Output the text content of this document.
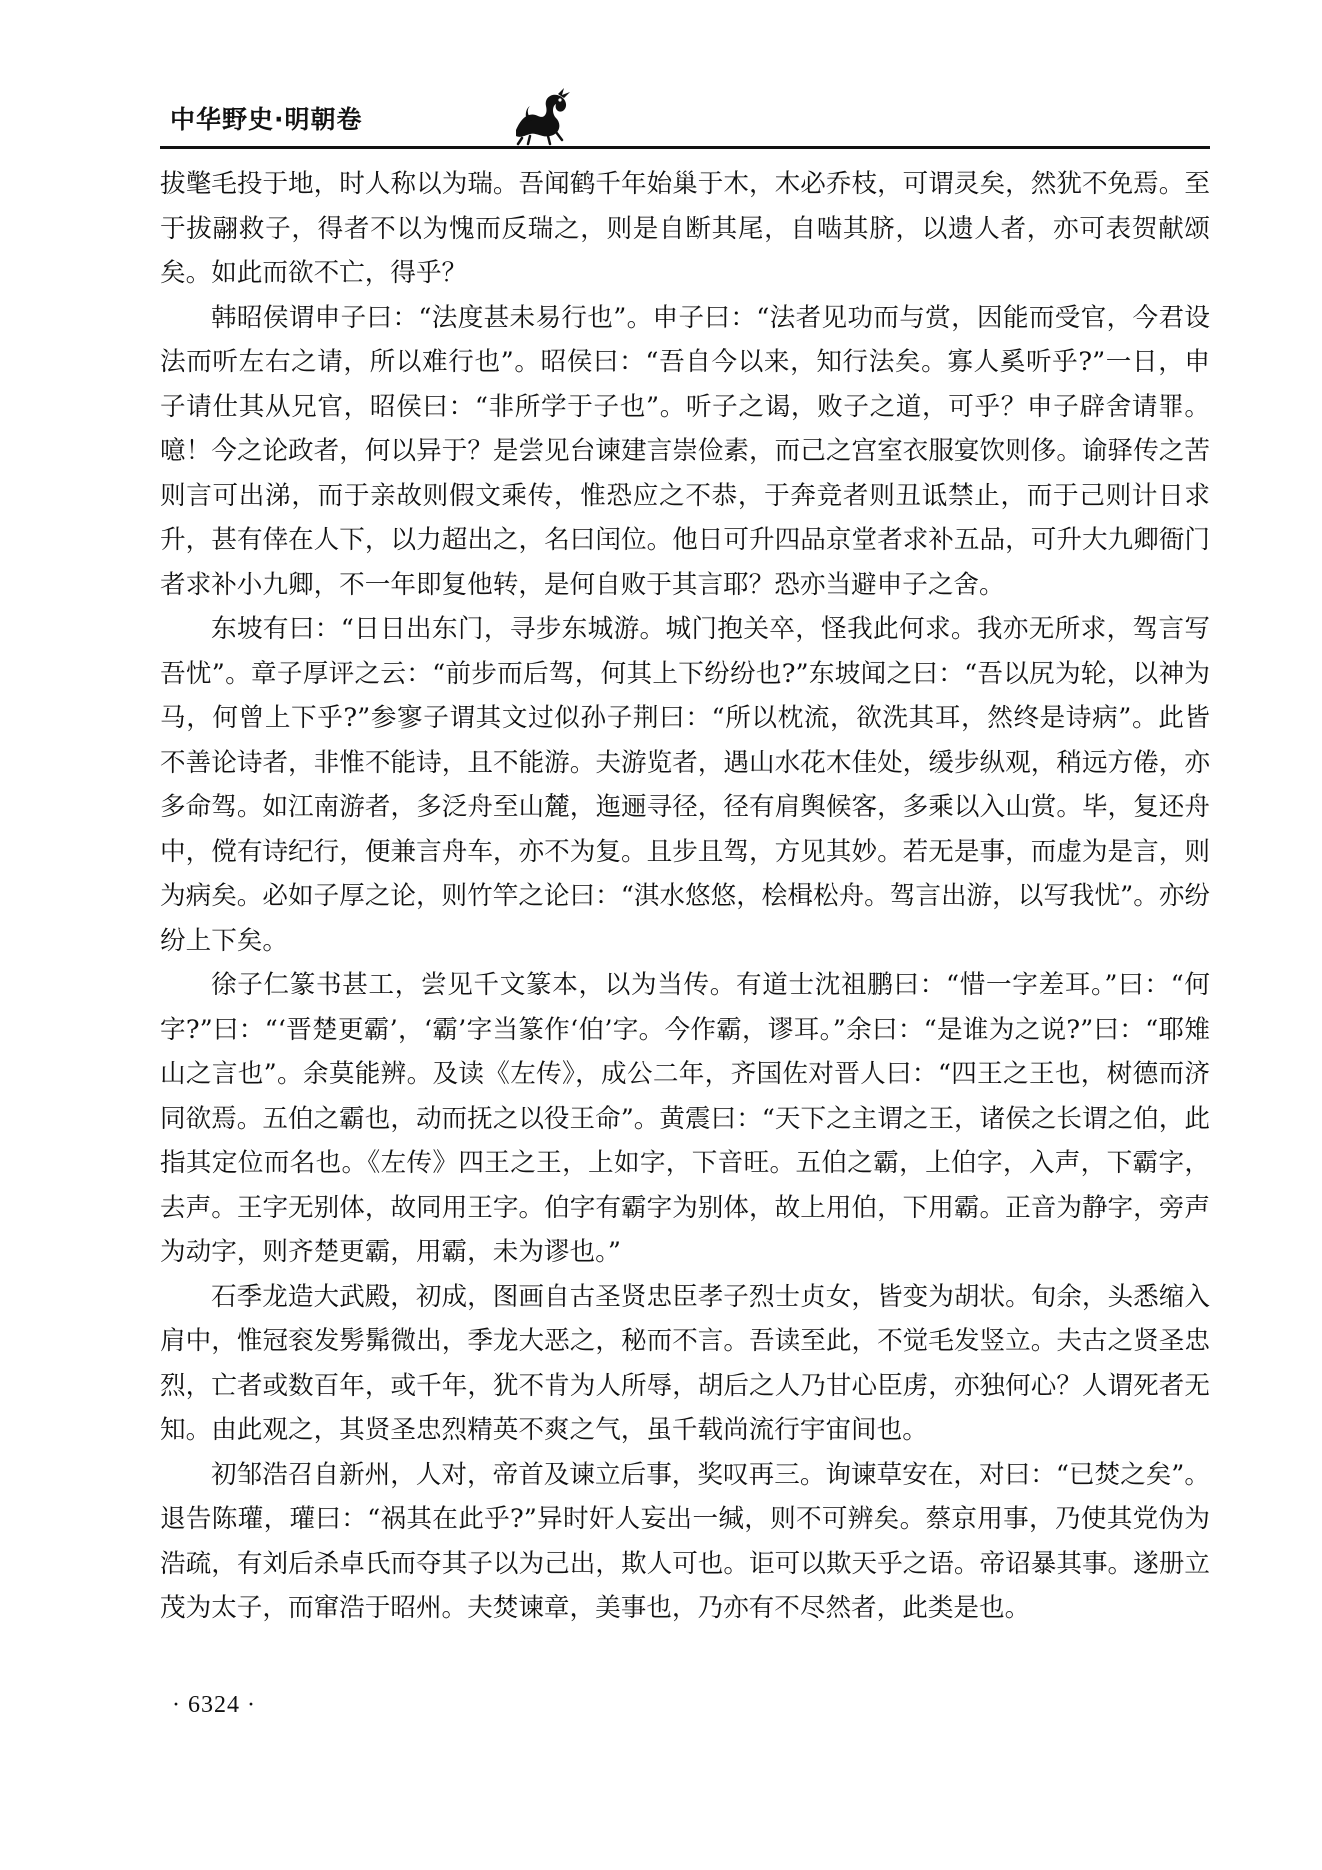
中华野史·明朝卷

拔氅毛投于地，时人称以为瑞。吾闻鹤千年始巢于木，木必乔枝，可谓灵矣，然犹不免焉。至于拔翮救子，得者不以为愧而反瑞之，则是自断其尾，自啮其脐，以遗人者，亦可表贺献颂矣。如此而欲不亡，得乎？

韩昭侯谓申子曰：“法度甚未易行也”。申子曰：“法者见功而与赏，因能而受官，今君设法而听左右之请，所以难行也”。昭侯曰：“吾自今以来，知行法矣。寡人奚听乎?”一日，申子请仕其从兄官，昭侯曰：“非所学于子也”。听子之谒，败子之道，可乎？申子辟舍请罪。噫！今之论政者，何以异于？是尝见台谏建言崇俭素，而己之宫室衣服宴饮则侈。谕驿传之苦则言可出涕，而于亲故则假文乘传，惟恐应之不恭，于奔竞者则丑诋禁止，而于己则计日求升，甚有倖在人下，以力超出之，名曰闰位。他日可升四品京堂者求补五品，可升大九卿衙门者求补小九卿，不一年即复他转，是何自败于其言耶？恐亦当避申子之舍。

东坡有曰：“日日出东门，寻步东城游。城门抱关卒，怪我此何求。我亦无所求，驾言写吾忧”。章子厚评之云：“前步而后驾，何其上下纷纷也?”东坡闻之曰：“吾以尻为轮，以神为马，何曾上下乎?”参寥子谓其文过似孙子荆曰：“所以枕流，欲洗其耳，然终是诗病”。此皆不善论诗者，非惟不能诗，且不能游。夫游览者，遇山水花木佳处，缓步纵观，稍远方倦，亦多命驾。如江南游者，多泛舟至山麓，迤逦寻径，径有肩舆候客，多乘以入山赏。毕，复还舟中，傥有诗纪行，便兼言舟车，亦不为复。且步且驾，方见其妙。若无是事，而虚为是言，则为病矣。必如子厚之论，则竹竿之论曰：“淇水悠悠，桧楫松舟。驾言出游，以写我忧”。亦纷纷上下矣。

徐子仁篆书甚工，尝见千文篆本，以为当传。有道士沈祖鹏曰：“惜一字差耳。”曰：“何字?”曰：“‘晋楚更霸’，‘霸’字当篆作‘伯’字。今作霸，谬耳。”余曰：“是谁为之说?”曰：“耶雉山之言也”。余莫能辨。及读《左传》，成公二年，齐国佐对晋人曰：“四王之王也，树德而济同欲焉。五伯之霸也，动而抚之以役王命”。黄震曰：“天下之主谓之王，诸侯之长谓之伯，此指其定位而名也。《左传》四王之王，上如字，下音旺。五伯之霸，上伯字，入声，下霸字，去声。王字无别体，故同用王字。伯字有霸字为别体，故上用伯，下用霸。正音为静字，旁声为动字，则齐楚更霸，用霸，未为谬也。”

石季龙造大武殿，初成，图画自古圣贤忠臣孝子烈士贞女，皆变为胡状。旬余，头悉缩入肩中，惟冠衮发髣髴微出，季龙大恶之，秘而不言。吾读至此，不觉毛发竖立。夫古之贤圣忠烈，亡者或数百年，或千年，犹不肯为人所辱，胡后之人乃甘心臣虏，亦独何心？人谓死者无知。由此观之，其贤圣忠烈精英不爽之气，虽千载尚流行宇宙间也。

初邹浩召自新州，人对，帝首及谏立后事，奖叹再三。询谏草安在，对曰：“已焚之矣”。退告陈瓘，瓘曰：“祸其在此乎?”异时奸人妄出一缄，则不可辨矣。蔡京用事，乃使其党伪为浩疏，有刘后杀卓氏而夺其子以为己出，欺人可也。讵可以欺天乎之语。帝诏暴其事。遂册立茂为太子，而窜浩于昭州。夫焚谏章，美事也，乃亦有不尽然者，此类是也。

· 6324 ·
